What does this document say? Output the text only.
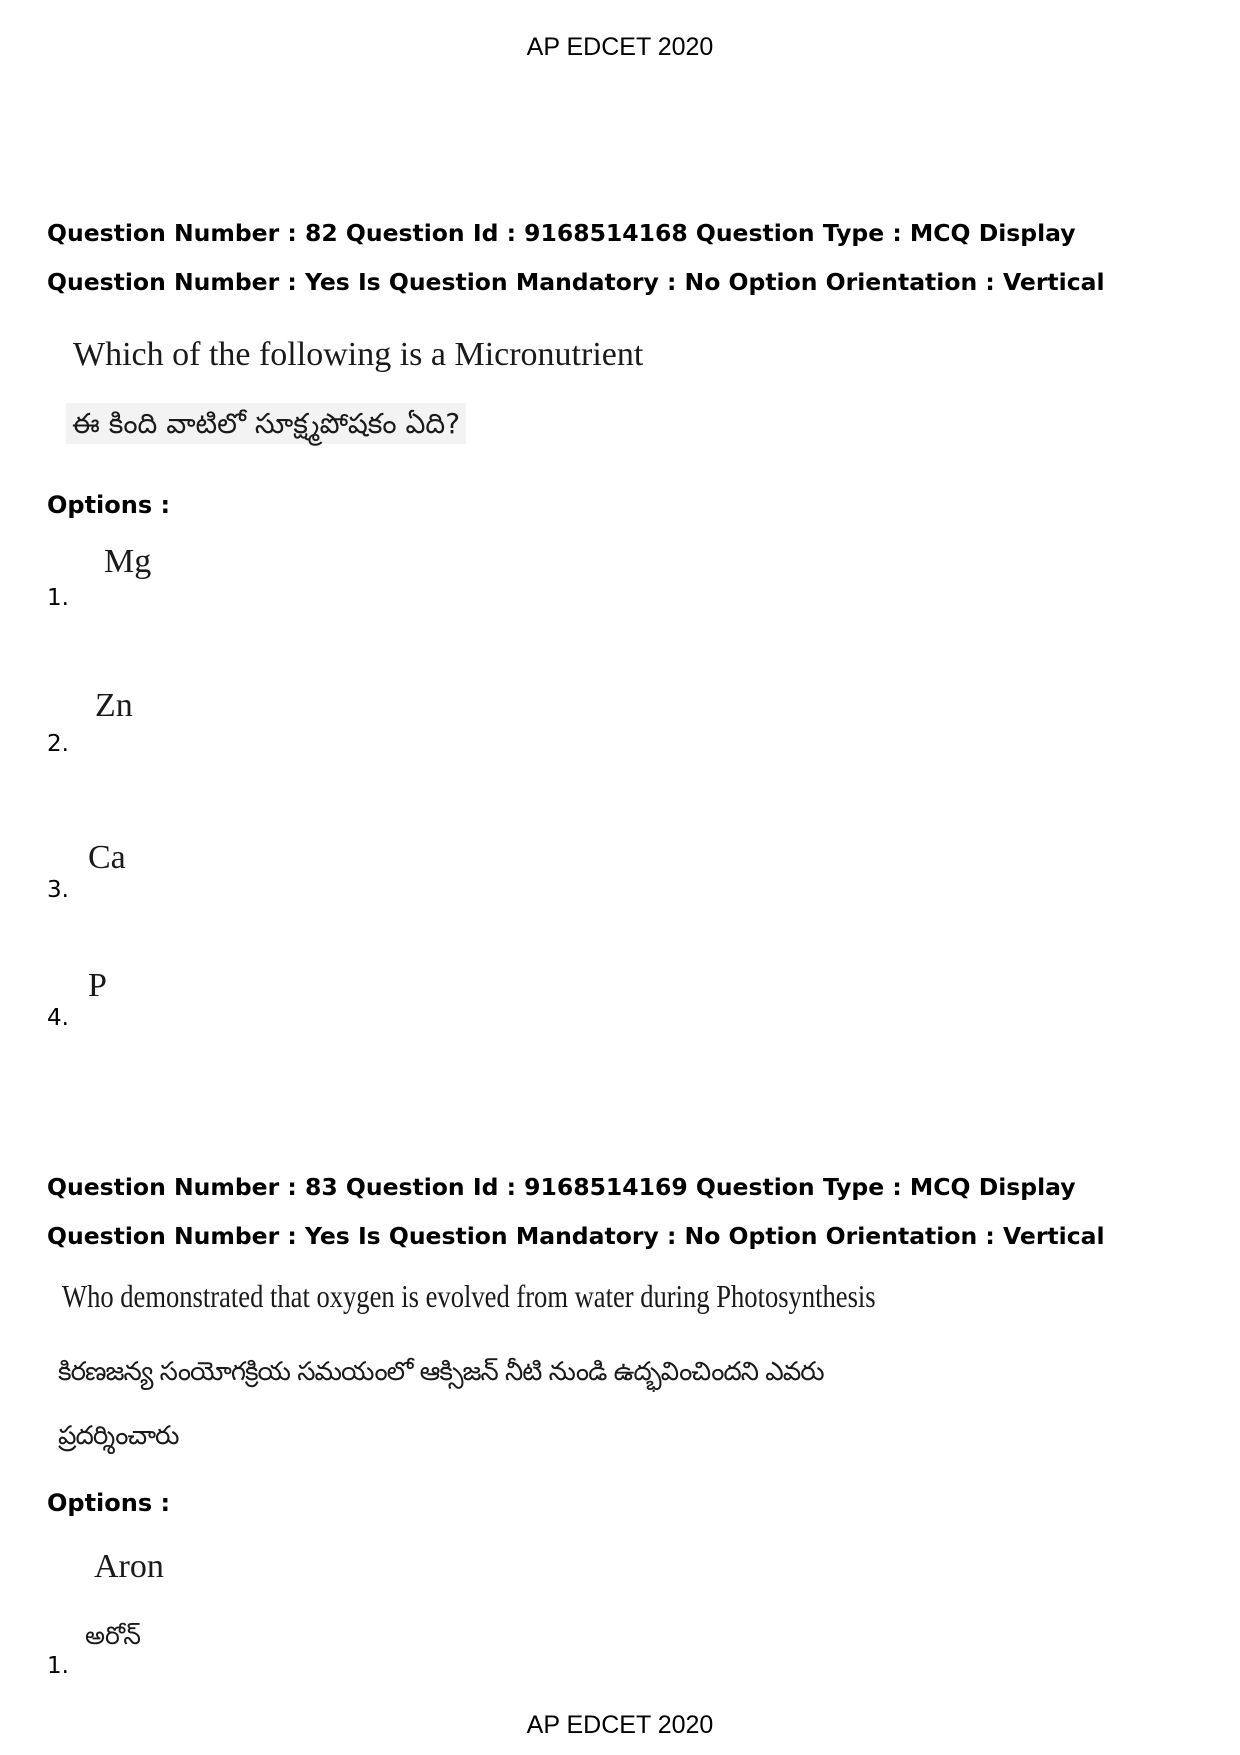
AP EDCET 2020
Question Number : 82 Question Id : 9168514168 Question Type : MCQ Display Question Number : Yes Is Question Mandatory : No Option Orientation : Vertical
Which of the following is a Micronutrient
ఈ కింది వాటిలో సూక్ష్మపోషకం ఏది?
Options :
Mg
1.
Zn
2.
Ca
3.
P
4.
Question Number : 83 Question Id : 9168514169 Question Type : MCQ Display Question Number : Yes Is Question Mandatory : No Option Orientation : Vertical
Who demonstrated that oxygen is evolved from water during Photosynthesis
కిరణజన్య సంయోగక్రియ సమయంలో ఆక్సిజన్ నీటి నుండి ఉద్భవించిందని ఎవరు
ప్రదర్శించారు
Options :
Aron
అరోన్
1.
AP EDCET 2020
